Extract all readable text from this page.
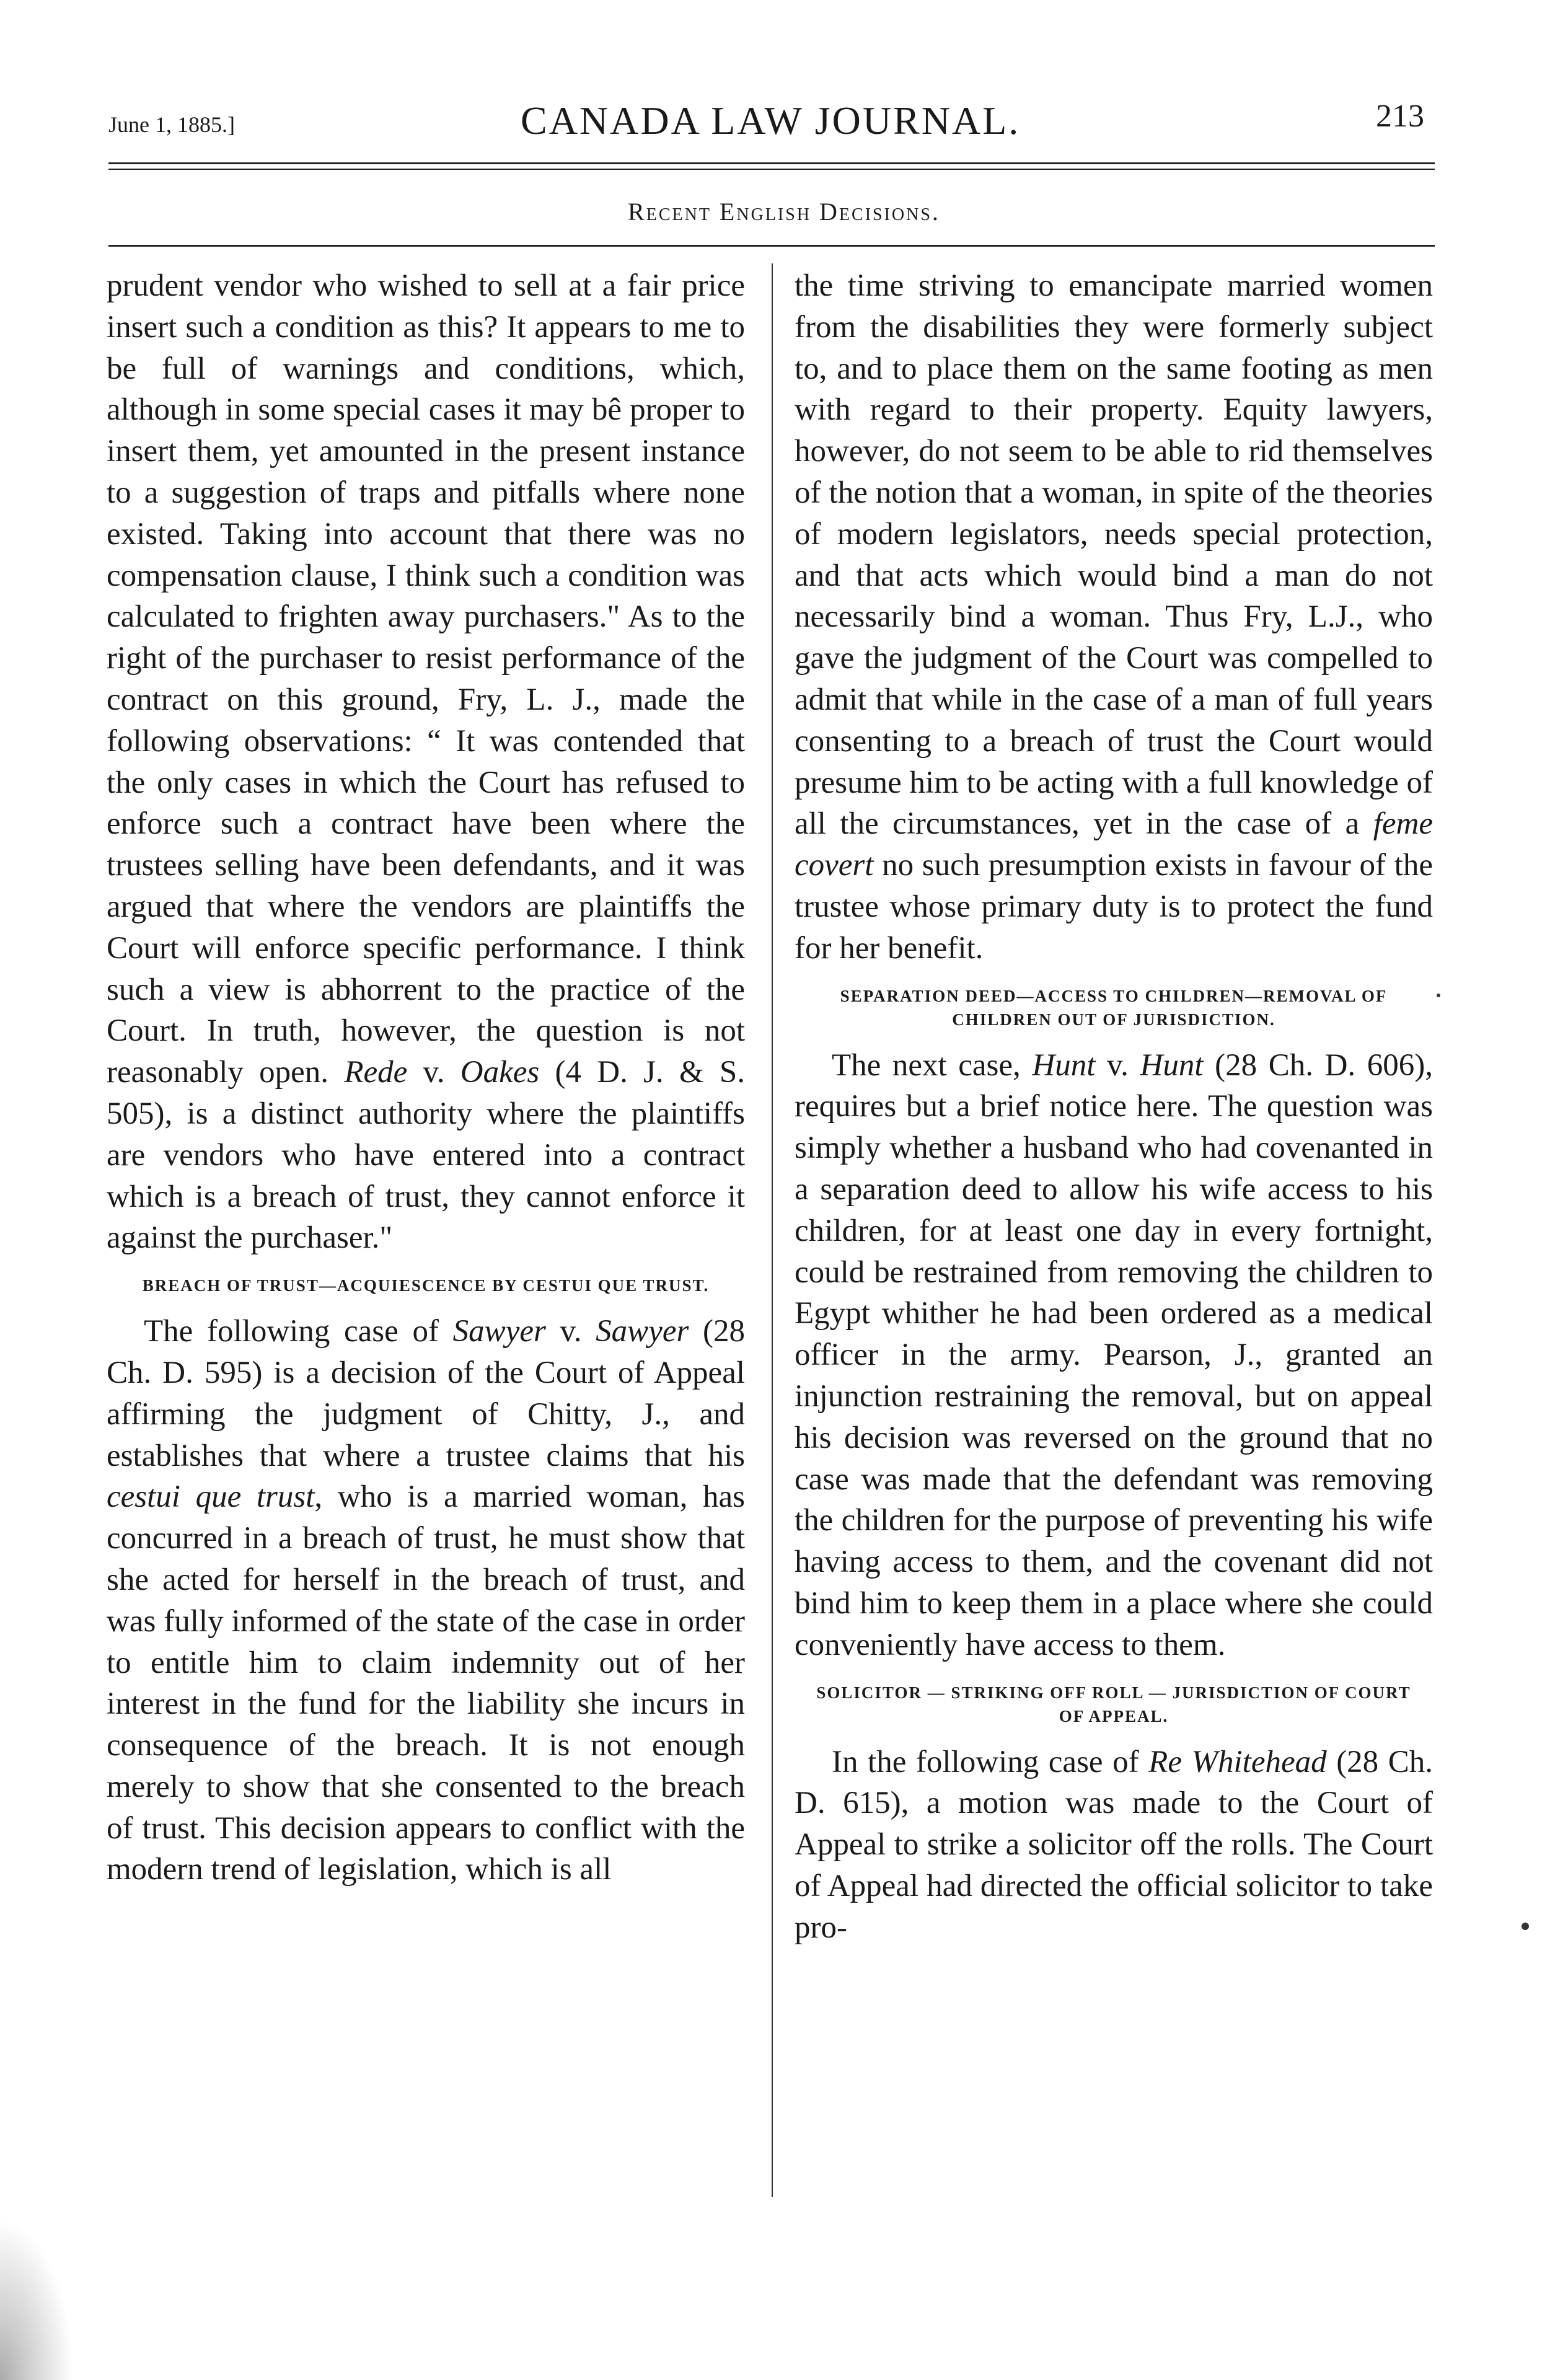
June 1, 1885.]	CANADA LAW JOURNAL.	213
Recent English Decisions.

prudent vendor who wished to sell at a fair price insert such a condition as this? It appears to me to be full of warnings and conditions, which, although in some special cases it may bê proper to insert them, yet amounted in the present instance to a suggestion of traps and pitfalls where none existed. Taking into account that there was no compensation clause, I think such a condition was calculated to frighten away purchasers." As to the right of the purchaser to resist performance of the contract on this ground, Fry, L. J., made the following observations: “ It was contended that the only cases in which the Court has refused to enforce such a contract have been where the trustees selling have been defendants, and it was argued that where the vendors are plaintiffs the Court will enforce specific performance. I think such a view is abhorrent to the practice of the Court. In truth, however, the question is not reasonably open. Rede v. Oakes (4 D. J. & S. 505), is a distinct authority where the plaintiffs are vendors who have entered into a contract which is a breach of trust, they cannot enforce it against the purchaser."

BREACH OF TRUST—ACQUIESCENCE BY CESTUI QUE TRUST.

The following case of Sawyer v. Sawyer (28 Ch. D. 595) is a decision of the Court of Appeal affirming the judgment of Chitty, J., and establishes that where a trustee claims that his cestui que trust, who is a married woman, has concurred in a breach of trust, he must show that she acted for herself in the breach of trust, and was fully informed of the state of the case in order to entitle him to claim indemnity out of her interest in the fund for the liability she incurs in consequence of the breach. It is not enough merely to show that she consented to the breach of trust. This decision appears to conflict with the modern trend of legislation, which is all

the time striving to emancipate married women from the disabilities they were formerly subject to, and to place them on the same footing as men with regard to their property. Equity lawyers, however, do not seem to be able to rid themselves of the notion that a woman, in spite of the theories of modern legislators, needs special protection, and that acts which would bind a man do not necessarily bind a woman. Thus Fry, L.J., who gave the judgment of the Court was compelled to admit that while in the case of a man of full years consenting to a breach of trust the Court would presume him to be acting with a full knowledge of all the circumstances, yet in the case of a feme covert no such presumption exists in favour of the trustee whose primary duty is to protect the fund for her benefit.

SEPARATION DEED—ACCESS TO CHILDREN—REMOVAL OF CHILDREN OUT OF JURISDICTION.

The next case, Hunt v. Hunt (28 Ch. D. 606), requires but a brief notice here. The question was simply whether a husband who had covenanted in a separation deed to allow his wife access to his children, for at least one day in every fortnight, could be restrained from removing the children to Egypt whither he had been ordered as a medical officer in the army. Pearson, J., granted an injunction restraining the removal, but on appeal his decision was reversed on the ground that no case was made that the defendant was removing the children for the purpose of preventing his wife having access to them, and the covenant did not bind him to keep them in a place where she could conveniently have access to them.

SOLICITOR — STRIKING OFF ROLL — JURISDICTION OF COURT OF APPEAL.

In the following case of Re Whitehead (28 Ch. D. 615), a motion was made to the Court of Appeal to strike a solicitor off the rolls. The Court of Appeal had directed the official solicitor to take pro-
